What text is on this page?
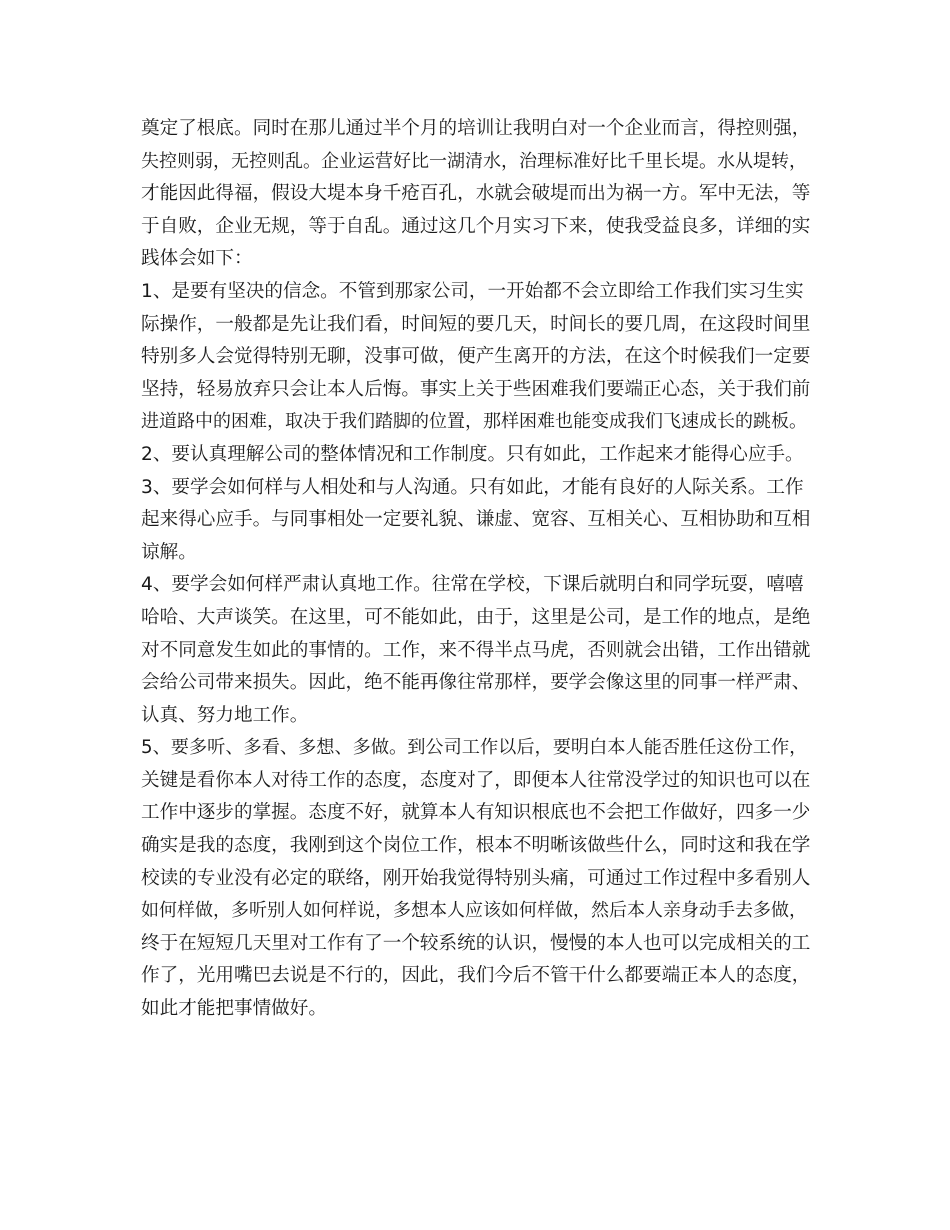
奠定了根底。同时在那儿通过半个月的培训让我明白对一个企业而言，得控则强，
失控则弱，无控则乱。企业运营好比一湖清水，治理标准好比千里长堤。水从堤转，
才能因此得福，假设大堤本身千疮百孔，水就会破堤而出为祸一方。军中无法，等
于自败，企业无规，等于自乱。通过这几个月实习下来，使我受益良多，详细的实
践体会如下：
1、是要有坚决的信念。不管到那家公司，一开始都不会立即给工作我们实习生实
际操作，一般都是先让我们看，时间短的要几天，时间长的要几周，在这段时间里
特别多人会觉得特别无聊，没事可做，便产生离开的方法，在这个时候我们一定要
坚持，轻易放弃只会让本人后悔。事实上关于些困难我们要端正心态，关于我们前
进道路中的困难，取决于我们踏脚的位置，那样困难也能变成我们飞速成长的跳板。
2、要认真理解公司的整体情况和工作制度。只有如此，工作起来才能得心应手。
3、要学会如何样与人相处和与人沟通。只有如此，才能有良好的人际关系。工作
起来得心应手。与同事相处一定要礼貌、谦虚、宽容、互相关心、互相协助和互相
谅解。
4、要学会如何样严肃认真地工作。往常在学校，下课后就明白和同学玩耍，嘻嘻
哈哈、大声谈笑。在这里，可不能如此，由于，这里是公司，是工作的地点，是绝
对不同意发生如此的事情的。工作，来不得半点马虎，否则就会出错，工作出错就
会给公司带来损失。因此，绝不能再像往常那样，要学会像这里的同事一样严肃、
认真、努力地工作。
5、要多听、多看、多想、多做。到公司工作以后，要明白本人能否胜任这份工作，
关键是看你本人对待工作的态度，态度对了，即便本人往常没学过的知识也可以在
工作中逐步的掌握。态度不好，就算本人有知识根底也不会把工作做好，四多一少
确实是我的态度，我刚到这个岗位工作，根本不明晰该做些什么，同时这和我在学
校读的专业没有必定的联络，刚开始我觉得特别头痛，可通过工作过程中多看别人
如何样做，多听别人如何样说，多想本人应该如何样做，然后本人亲身动手去多做，
终于在短短几天里对工作有了一个较系统的认识，慢慢的本人也可以完成相关的工
作了，光用嘴巴去说是不行的，因此，我们今后不管干什么都要端正本人的态度，
如此才能把事情做好。
